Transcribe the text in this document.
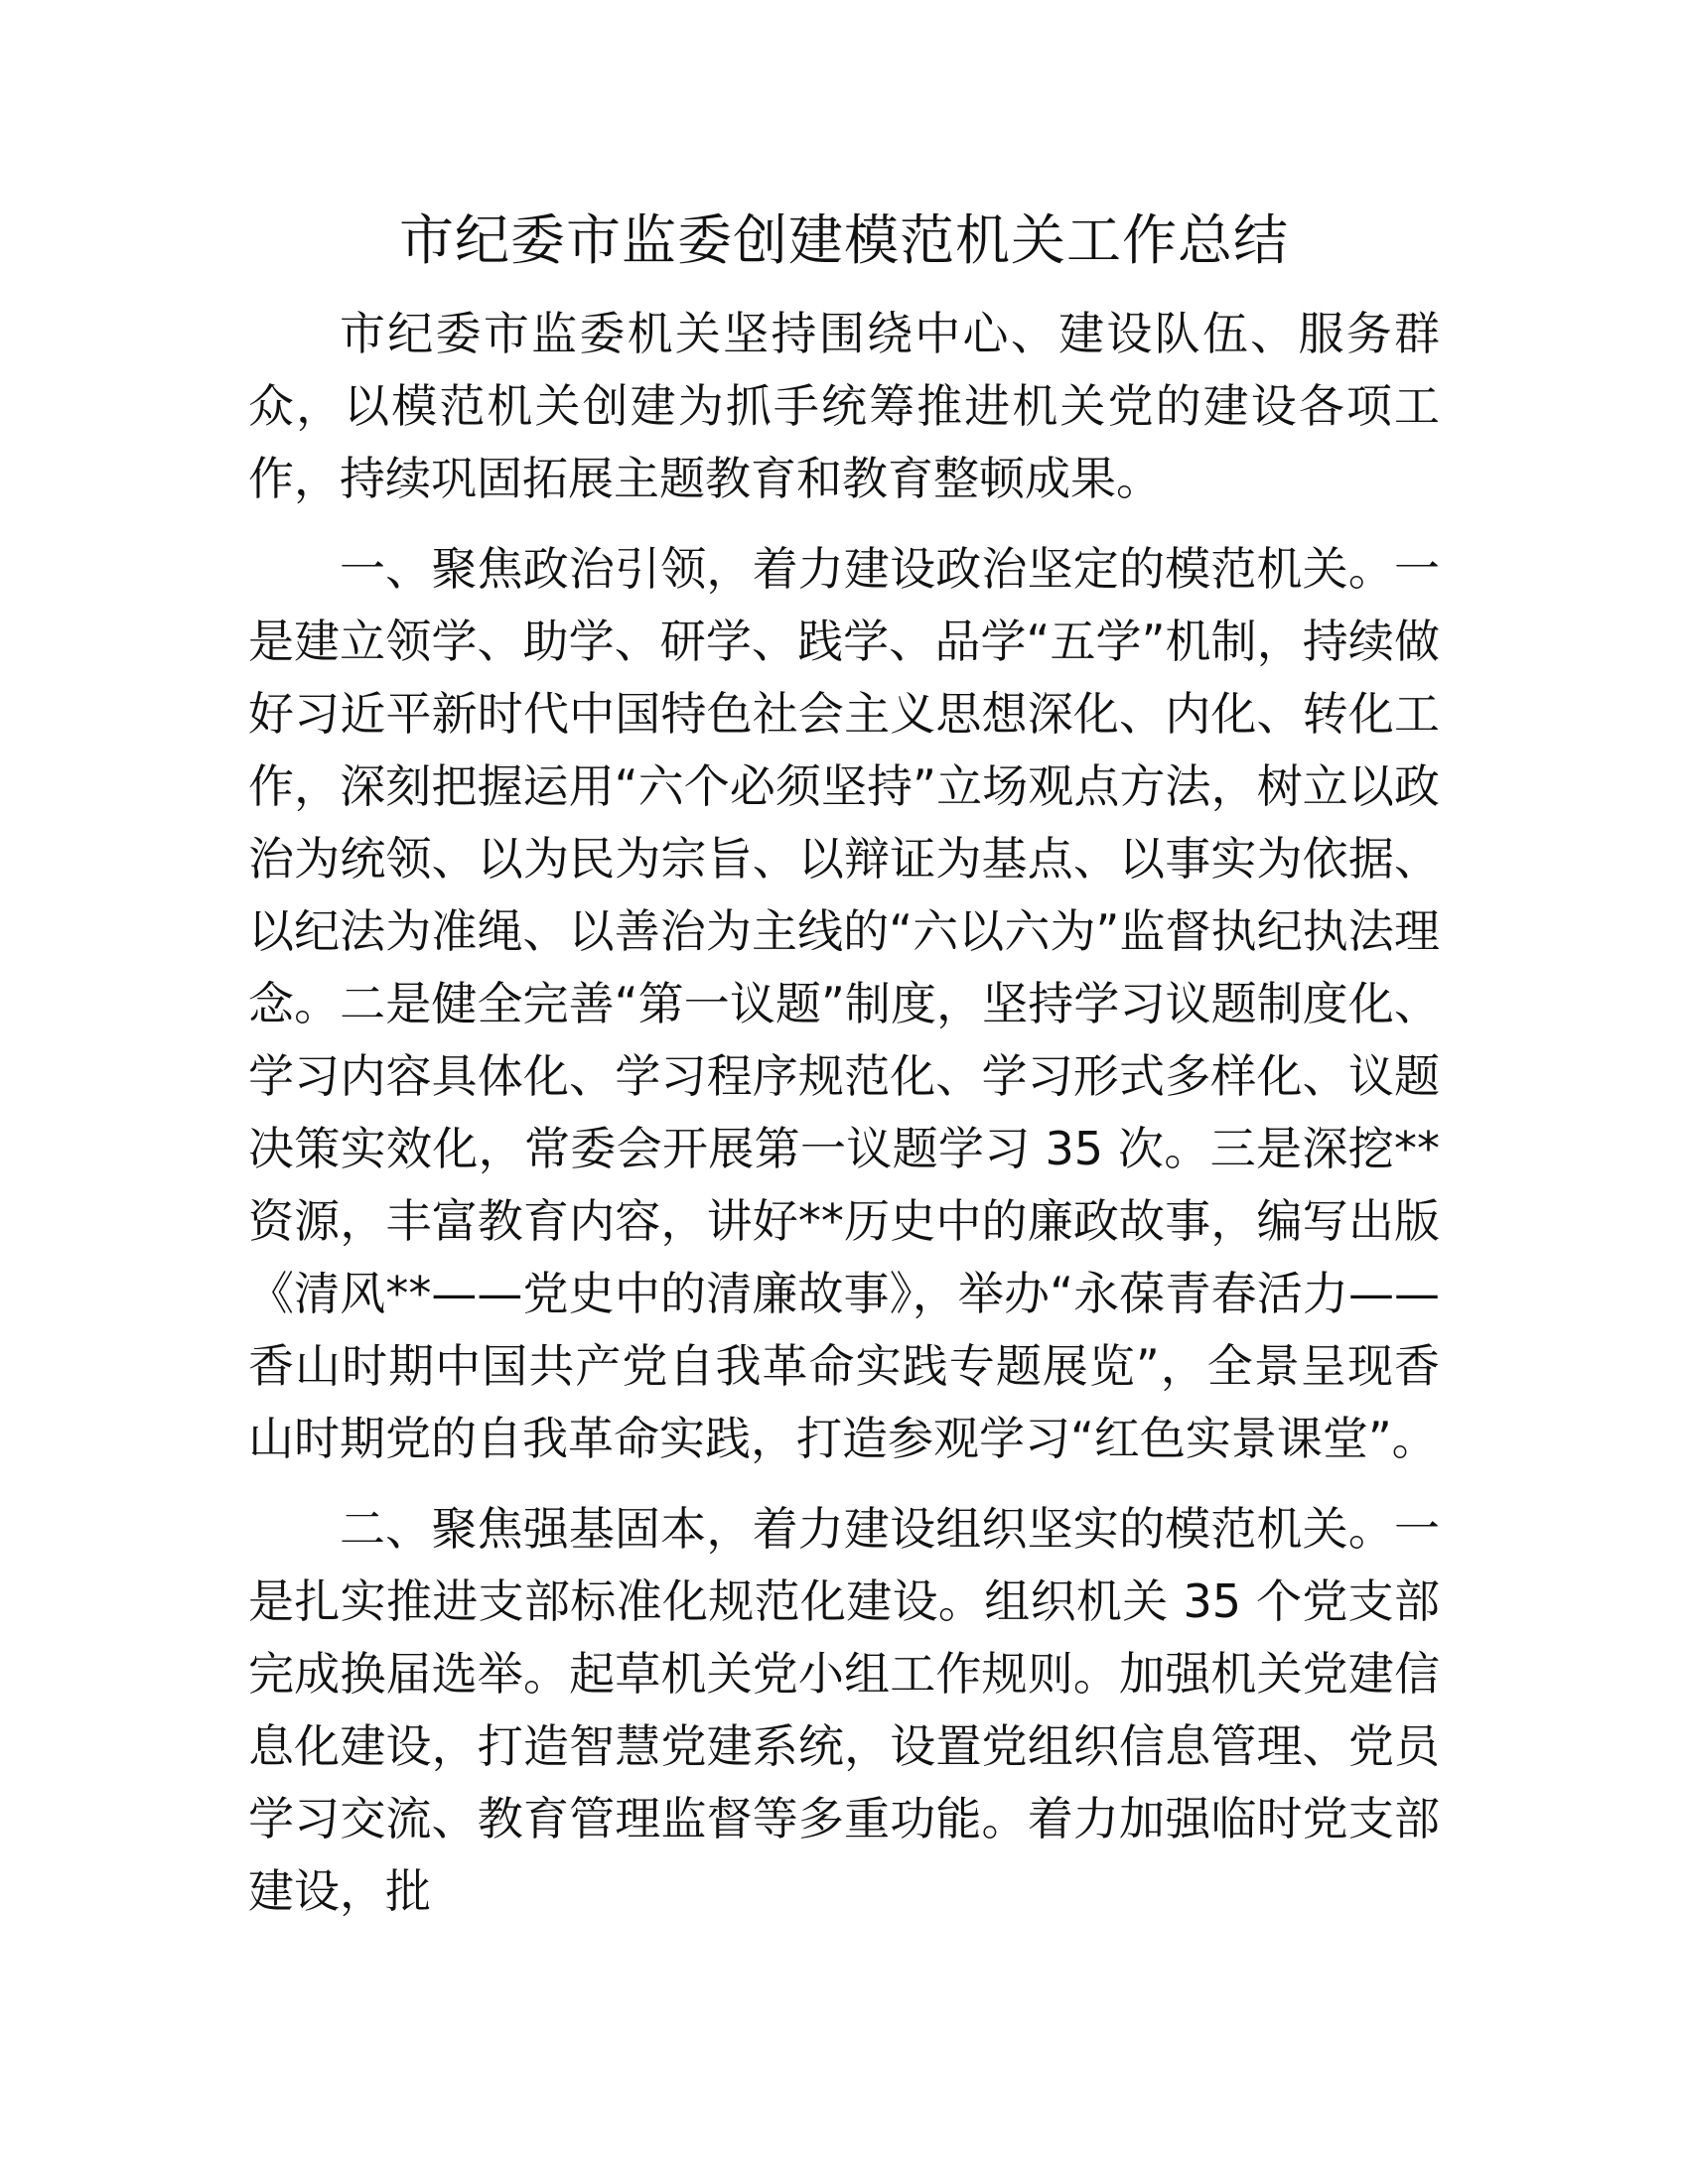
市纪委市监委创建模范机关工作总结

市纪委市监委机关坚持围绕中心、建设队伍、服务群众，以模范机关创建为抓手统筹推进机关党的建设各项工作，持续巩固拓展主题教育和教育整顿成果。

一、聚焦政治引领，着力建设政治坚定的模范机关。一是建立领学、助学、研学、践学、品学“五学”机制，持续做好习近平新时代中国特色社会主义思想深化、内化、转化工作，深刻把握运用“六个必须坚持”立场观点方法，树立以政治为统领、以为民为宗旨、以辩证为基点、以事实为依据、以纪法为准绳、以善治为主线的“六以六为”监督执纪执法理念。二是健全完善“第一议题”制度，坚持学习议题制度化、学习内容具体化、学习程序规范化、学习形式多样化、议题决策实效化，常委会开展第一议题学习 35 次。三是深挖**资源，丰富教育内容，讲好**历史中的廉政故事，编写出版《清风**——党史中的清廉故事》，举办“永葆青春活力——香山时期中国共产党自我革命实践专题展览”，全景呈现香山时期党的自我革命实践，打造参观学习“红色实景课堂”。

二、聚焦强基固本，着力建设组织坚实的模范机关。一是扎实推进支部标准化规范化建设。组织机关 35 个党支部完成换届选举。起草机关党小组工作规则。加强机关党建信息化建设，打造智慧党建系统，设置党组织信息管理、党员学习交流、教育管理监督等多重功能。着力加强临时党支部建设，批
